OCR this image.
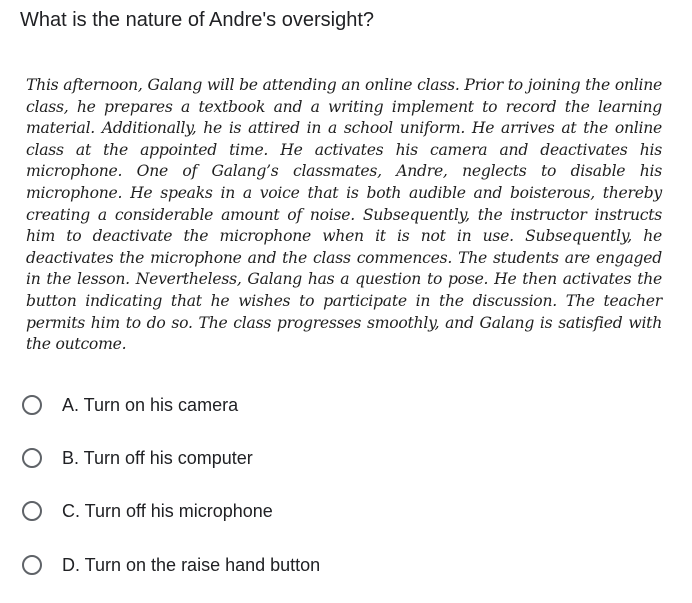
What is the nature of Andre's oversight?

This afternoon, Galang will be attending an online class. Prior to joining the online class, he prepares a textbook and a writing implement to record the learning material. Additionally, he is attired in a school uniform. He arrives at the online class at the appointed time. He activates his camera and deactivates his microphone. One of Galang’s classmates, Andre, neglects to disable his microphone. He speaks in a voice that is both audible and boisterous, thereby creating a considerable amount of noise. Subsequently, the instructor instructs him to deactivate the microphone when it is not in use. Subsequently, he deactivates the microphone and the class commences. The students are engaged in the lesson. Nevertheless, Galang has a question to pose. He then activates the button indicating that he wishes to participate in the discussion. The teacher permits him to do so. The class progresses smoothly, and Galang is satisfied with the outcome.

A. Turn on his camera
B. Turn off his computer
C. Turn off his microphone
D. Turn on the raise hand button
